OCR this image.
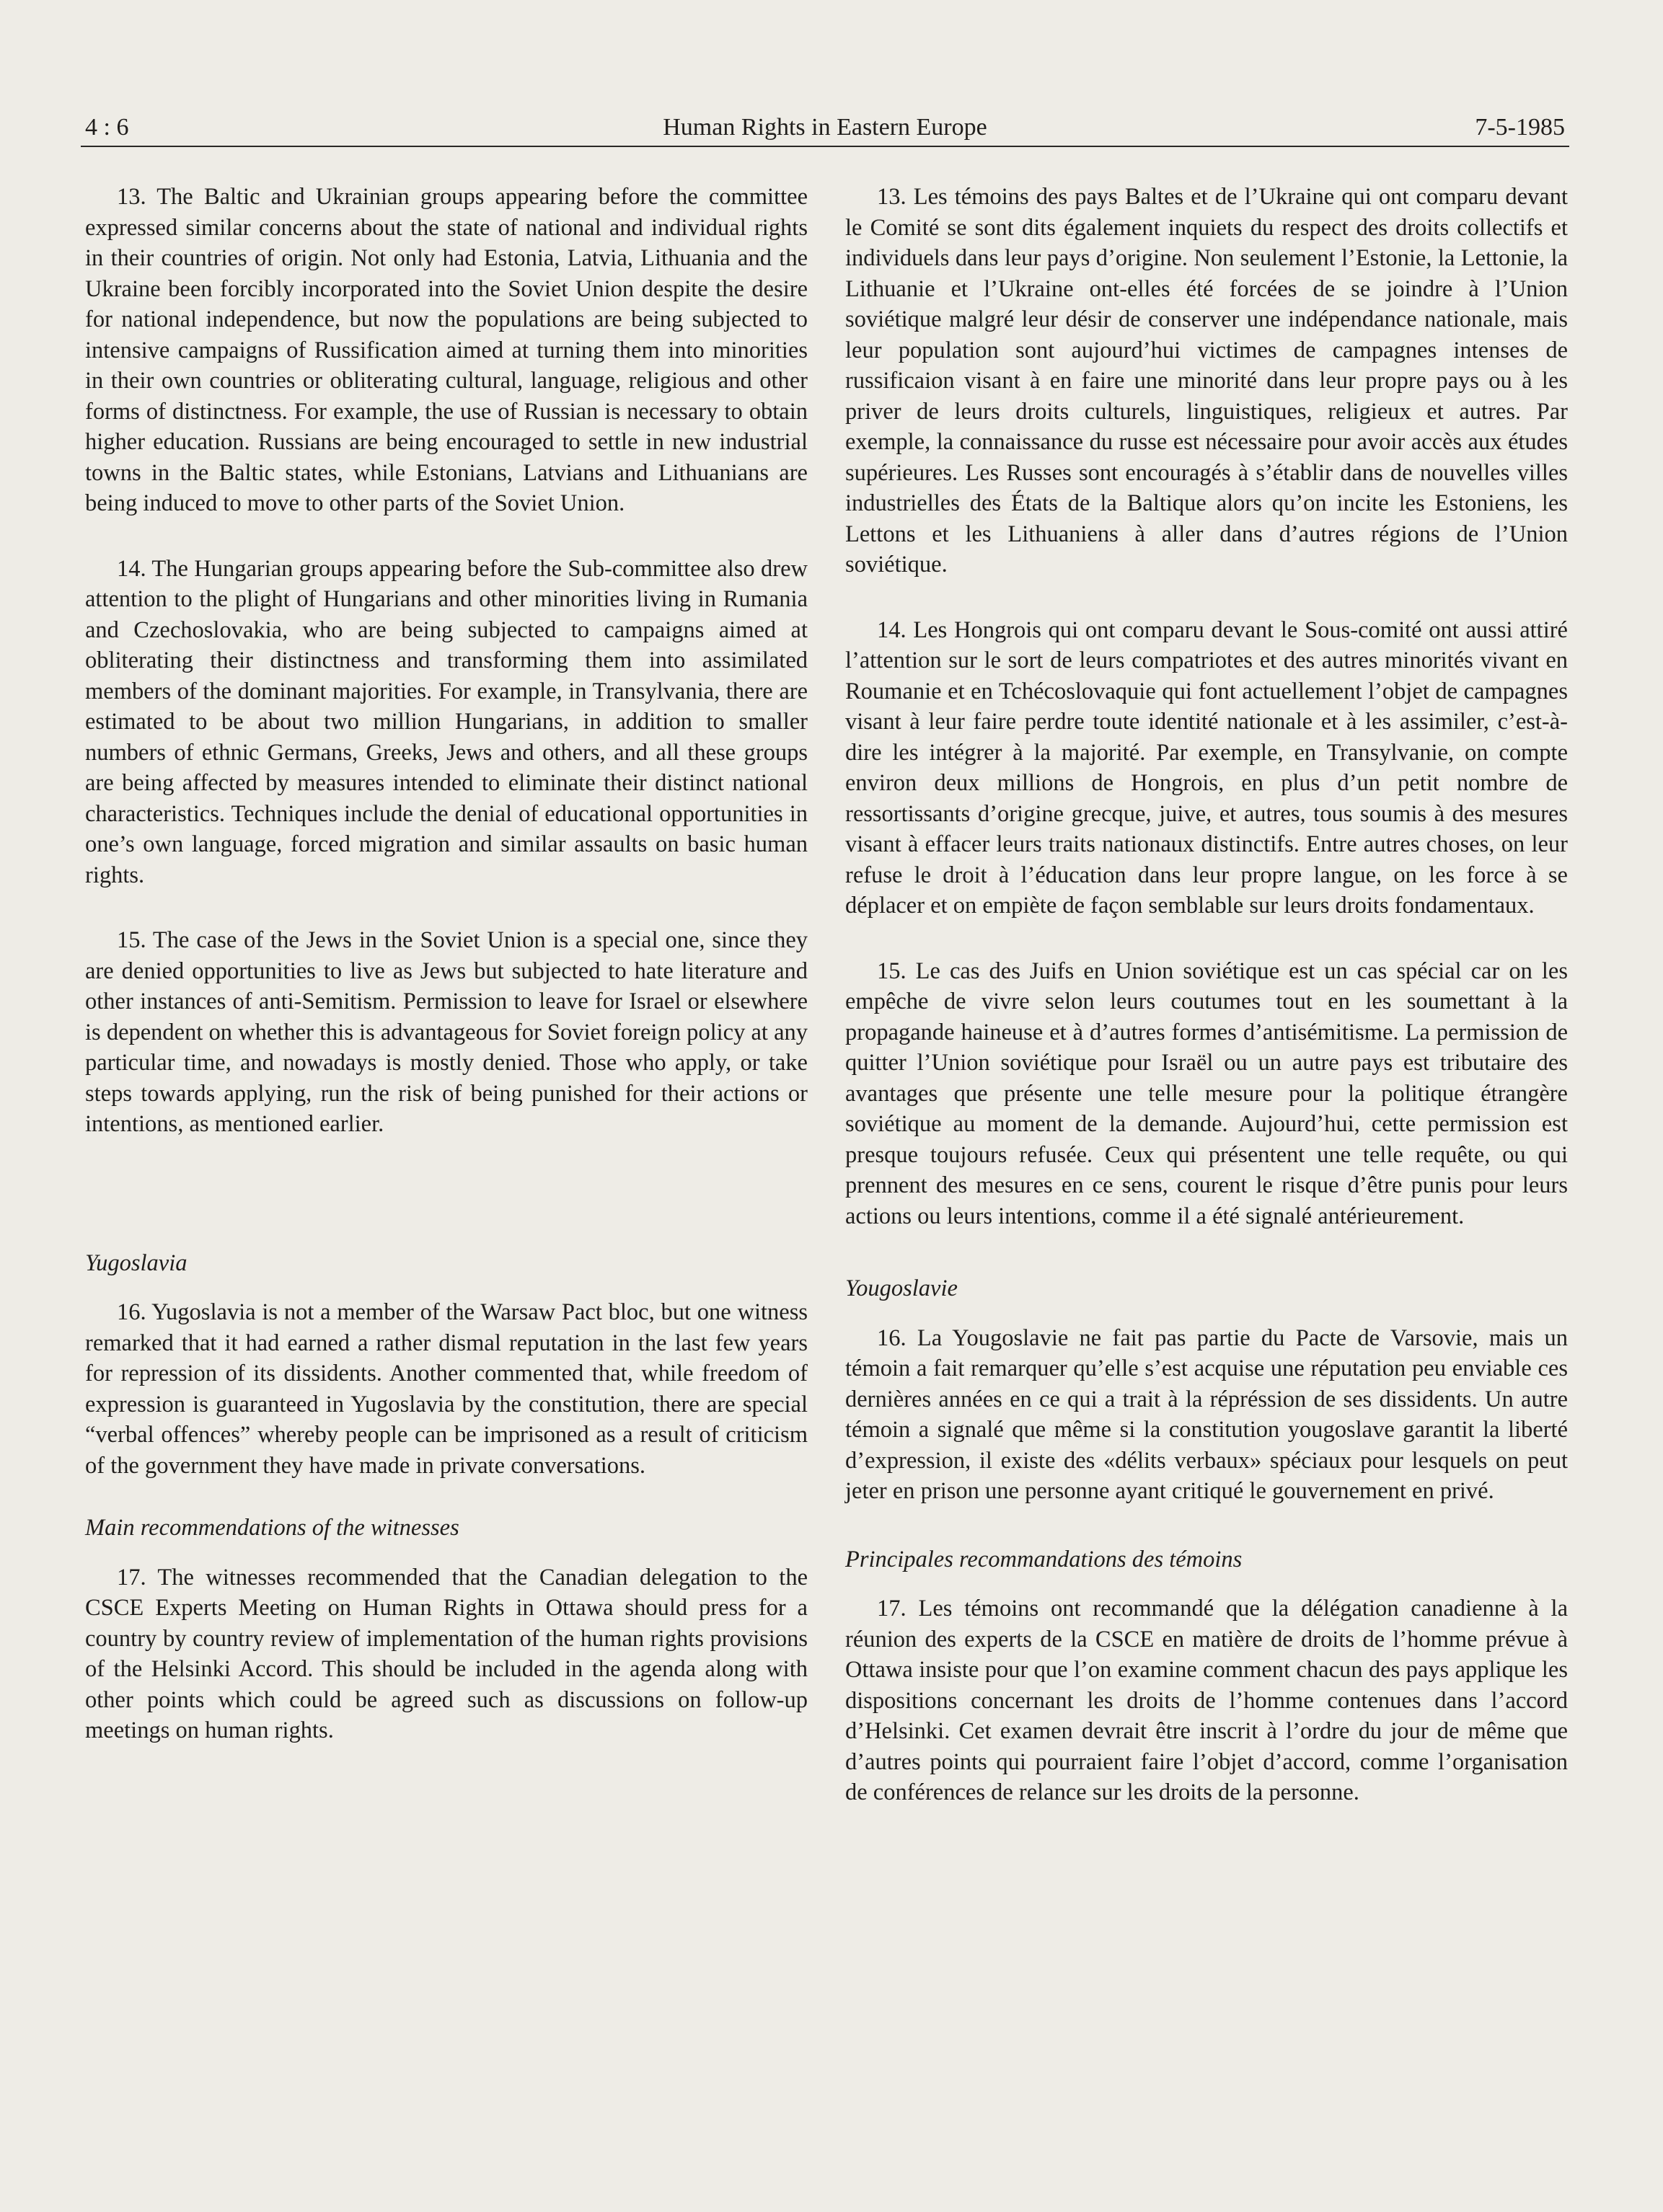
4 : 6	Human Rights in Eastern Europe	7-5-1985

13. The Baltic and Ukrainian groups appearing before the committee expressed similar concerns about the state of national and individual rights in their countries of origin. Not only had Estonia, Latvia, Lithuania and the Ukraine been forcibly incorporated into the Soviet Union despite the desire for national independence, but now the populations are being subjected to intensive campaigns of Russification aimed at turning them into minorities in their own countries or obliterating cultural, language, religious and other forms of distinctness. For example, the use of Russian is necessary to obtain higher education. Russians are being encouraged to settle in new industrial towns in the Baltic states, while Estonians, Latvians and Lithuanians are being induced to move to other parts of the Soviet Union.

14. The Hungarian groups appearing before the Sub-committee also drew attention to the plight of Hungarians and other minorities living in Rumania and Czechoslovakia, who are being subjected to campaigns aimed at obliterating their distinctness and transforming them into assimilated members of the dominant majorities. For example, in Transylvania, there are estimated to be about two million Hungarians, in addition to smaller numbers of ethnic Germans, Greeks, Jews and others, and all these groups are being affected by measures intended to eliminate their distinct national characteristics. Techniques include the denial of educational opportunities in one’s own language, forced migration and similar assaults on basic human rights.

15. The case of the Jews in the Soviet Union is a special one, since they are denied opportunities to live as Jews but subjected to hate literature and other instances of anti-Semitism. Permission to leave for Israel or elsewhere is dependent on whether this is advantageous for Soviet foreign policy at any particular time, and nowadays is mostly denied. Those who apply, or take steps towards applying, run the risk of being punished for their actions or intentions, as mentioned earlier.

Yugoslavia

16. Yugoslavia is not a member of the Warsaw Pact bloc, but one witness remarked that it had earned a rather dismal reputation in the last few years for repression of its dissidents. Another commented that, while freedom of expression is guaranteed in Yugoslavia by the constitution, there are special “verbal offences” whereby people can be imprisoned as a result of criticism of the government they have made in private conversations.

Main recommendations of the witnesses

17. The witnesses recommended that the Canadian delegation to the CSCE Experts Meeting on Human Rights in Ottawa should press for a country by country review of implementation of the human rights provisions of the Helsinki Accord. This should be included in the agenda along with other points which could be agreed such as discussions on follow-up meetings on human rights.

13. Les témoins des pays Baltes et de l’Ukraine qui ont comparu devant le Comité se sont dits également inquiets du respect des droits collectifs et individuels dans leur pays d’origine. Non seulement l’Estonie, la Lettonie, la Lithuanie et l’Ukraine ont-elles été forcées de se joindre à l’Union soviétique malgré leur désir de conserver une indépendance nationale, mais leur population sont aujourd’hui victimes de campagnes intenses de russificaion visant à en faire une minorité dans leur propre pays ou à les priver de leurs droits culturels, linguistiques, religieux et autres. Par exemple, la connaissance du russe est nécessaire pour avoir accès aux études supérieures. Les Russes sont encouragés à s’établir dans de nouvelles villes industrielles des États de la Baltique alors qu’on incite les Estoniens, les Lettons et les Lithuaniens à aller dans d’autres régions de l’Union soviétique.

14. Les Hongrois qui ont comparu devant le Sous-comité ont aussi attiré l’attention sur le sort de leurs compatriotes et des autres minorités vivant en Roumanie et en Tchécoslovaquie qui font actuellement l’objet de campagnes visant à leur faire perdre toute identité nationale et à les assimiler, c’est-à-dire les intégrer à la majorité. Par exemple, en Transylvanie, on compte environ deux millions de Hongrois, en plus d’un petit nombre de ressortissants d’origine grecque, juive, et autres, tous soumis à des mesures visant à effacer leurs traits nationaux distinctifs. Entre autres choses, on leur refuse le droit à l’éducation dans leur propre langue, on les force à se déplacer et on empiète de façon semblable sur leurs droits fondamentaux.

15. Le cas des Juifs en Union soviétique est un cas spécial car on les empêche de vivre selon leurs coutumes tout en les soumettant à la propagande haineuse et à d’autres formes d’antisémitisme. La permission de quitter l’Union soviétique pour Israël ou un autre pays est tributaire des avantages que présente une telle mesure pour la politique étrangère soviétique au moment de la demande. Aujourd’hui, cette permission est presque toujours refusée. Ceux qui présentent une telle requête, ou qui prennent des mesures en ce sens, courent le risque d’être punis pour leurs actions ou leurs intentions, comme il a été signalé antérieurement.

Yougoslavie

16. La Yougoslavie ne fait pas partie du Pacte de Varsovie, mais un témoin a fait remarquer qu’elle s’est acquise une réputation peu enviable ces dernières années en ce qui a trait à la répréssion de ses dissidents. Un autre témoin a signalé que même si la constitution yougoslave garantit la liberté d’expression, il existe des «délits verbaux» spéciaux pour lesquels on peut jeter en prison une personne ayant critiqué le gouvernement en privé.

Principales recommandations des témoins

17. Les témoins ont recommandé que la délégation canadienne à la réunion des experts de la CSCE en matière de droits de l’homme prévue à Ottawa insiste pour que l’on examine comment chacun des pays applique les dispositions concernant les droits de l’homme contenues dans l’accord d’Helsinki. Cet examen devrait être inscrit à l’ordre du jour de même que d’autres points qui pourraient faire l’objet d’accord, comme l’organisation de conférences de relance sur les droits de la personne.
